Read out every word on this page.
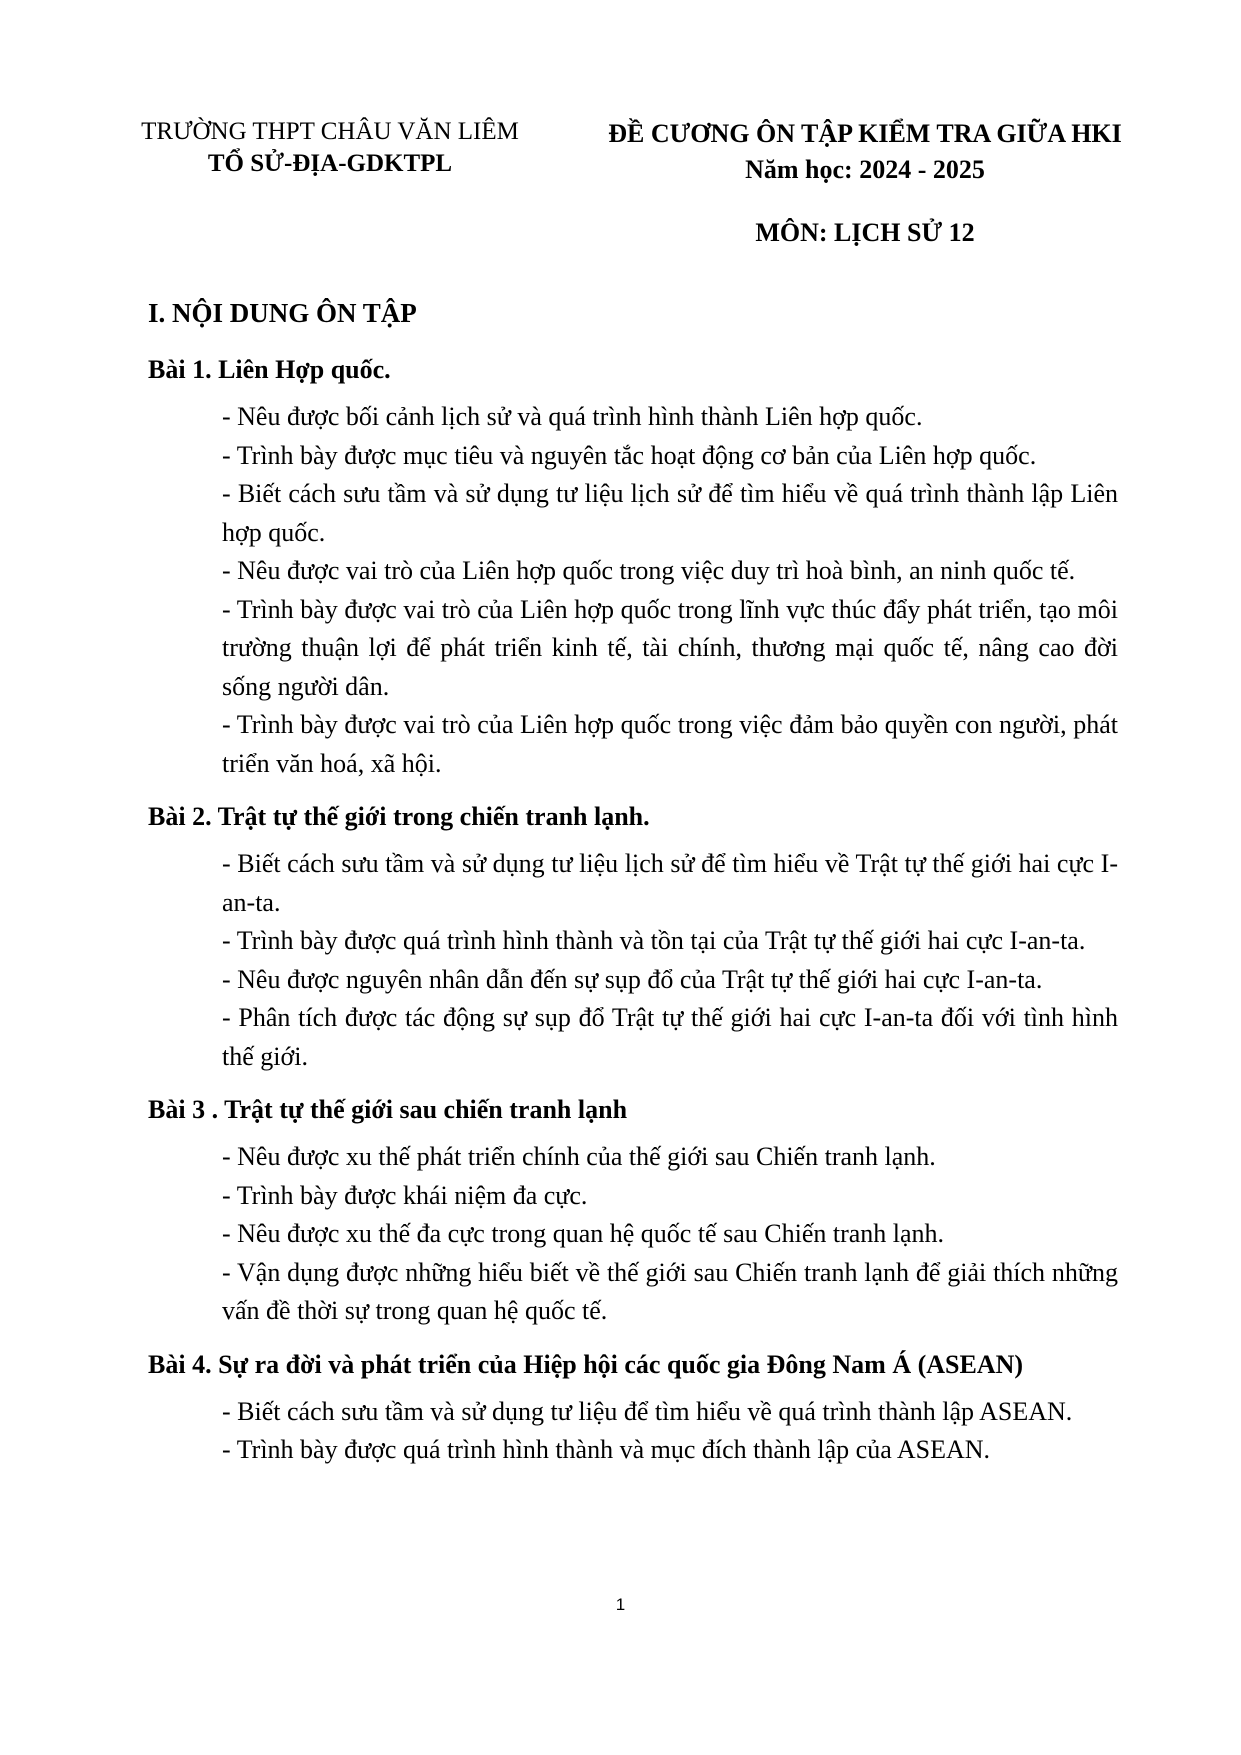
TRƯỜNG THPT CHÂU VĂN LIÊM
TỔ SỬ-ĐỊA-GDKTPL
ĐỀ CƯƠNG ÔN TẬP KIỂM TRA GIỮA HKI
Năm học: 2024 - 2025
MÔN: LỊCH SỬ 12
I. NỘI DUNG ÔN TẬP
Bài 1. Liên Hợp quốc.
- Nêu được bối cảnh lịch sử và quá trình hình thành Liên hợp quốc.
- Trình bày được mục tiêu và nguyên tắc hoạt động cơ bản của Liên hợp quốc.
- Biết cách sưu tầm và sử dụng tư liệu lịch sử để tìm hiểu về quá trình thành lập Liên hợp quốc.
- Nêu được vai trò của Liên hợp quốc trong việc duy trì hoà bình, an ninh quốc tế.
- Trình bày được vai trò của Liên hợp quốc trong lĩnh vực thúc đẩy phát triển, tạo môi trường thuận lợi để phát triển kinh tế, tài chính, thương mại quốc tế, nâng cao đời sống người dân.
- Trình bày được vai trò của Liên hợp quốc trong việc đảm bảo quyền con người, phát triển văn hoá, xã hội.
Bài 2. Trật tự thế giới trong chiến tranh lạnh.
- Biết cách sưu tầm và sử dụng tư liệu lịch sử để tìm hiểu về Trật tự thế giới hai cực I-an-ta.
- Trình bày được quá trình hình thành và tồn tại của Trật tự thế giới hai cực I-an-ta.
- Nêu được nguyên nhân dẫn đến sự sụp đổ của Trật tự thế giới hai cực I-an-ta.
- Phân tích được tác động sự sụp đổ Trật tự thế giới hai cực I-an-ta đối với tình hình thế giới.
Bài 3 . Trật tự thế giới sau chiến tranh lạnh
- Nêu được xu thế phát triển chính của thế giới sau Chiến tranh lạnh.
- Trình bày được khái niệm đa cực.
- Nêu được xu thế đa cực trong quan hệ quốc tế sau Chiến tranh lạnh.
- Vận dụng được những hiểu biết về thế giới sau Chiến tranh lạnh để giải thích những vấn đề thời sự trong quan hệ quốc tế.
Bài 4. Sự ra đời và phát triển của Hiệp hội các quốc gia Đông Nam Á (ASEAN)
- Biết cách sưu tầm và sử dụng tư liệu để tìm hiểu về quá trình thành lập ASEAN.
- Trình bày được quá trình hình thành và mục đích thành lập của ASEAN.
1
